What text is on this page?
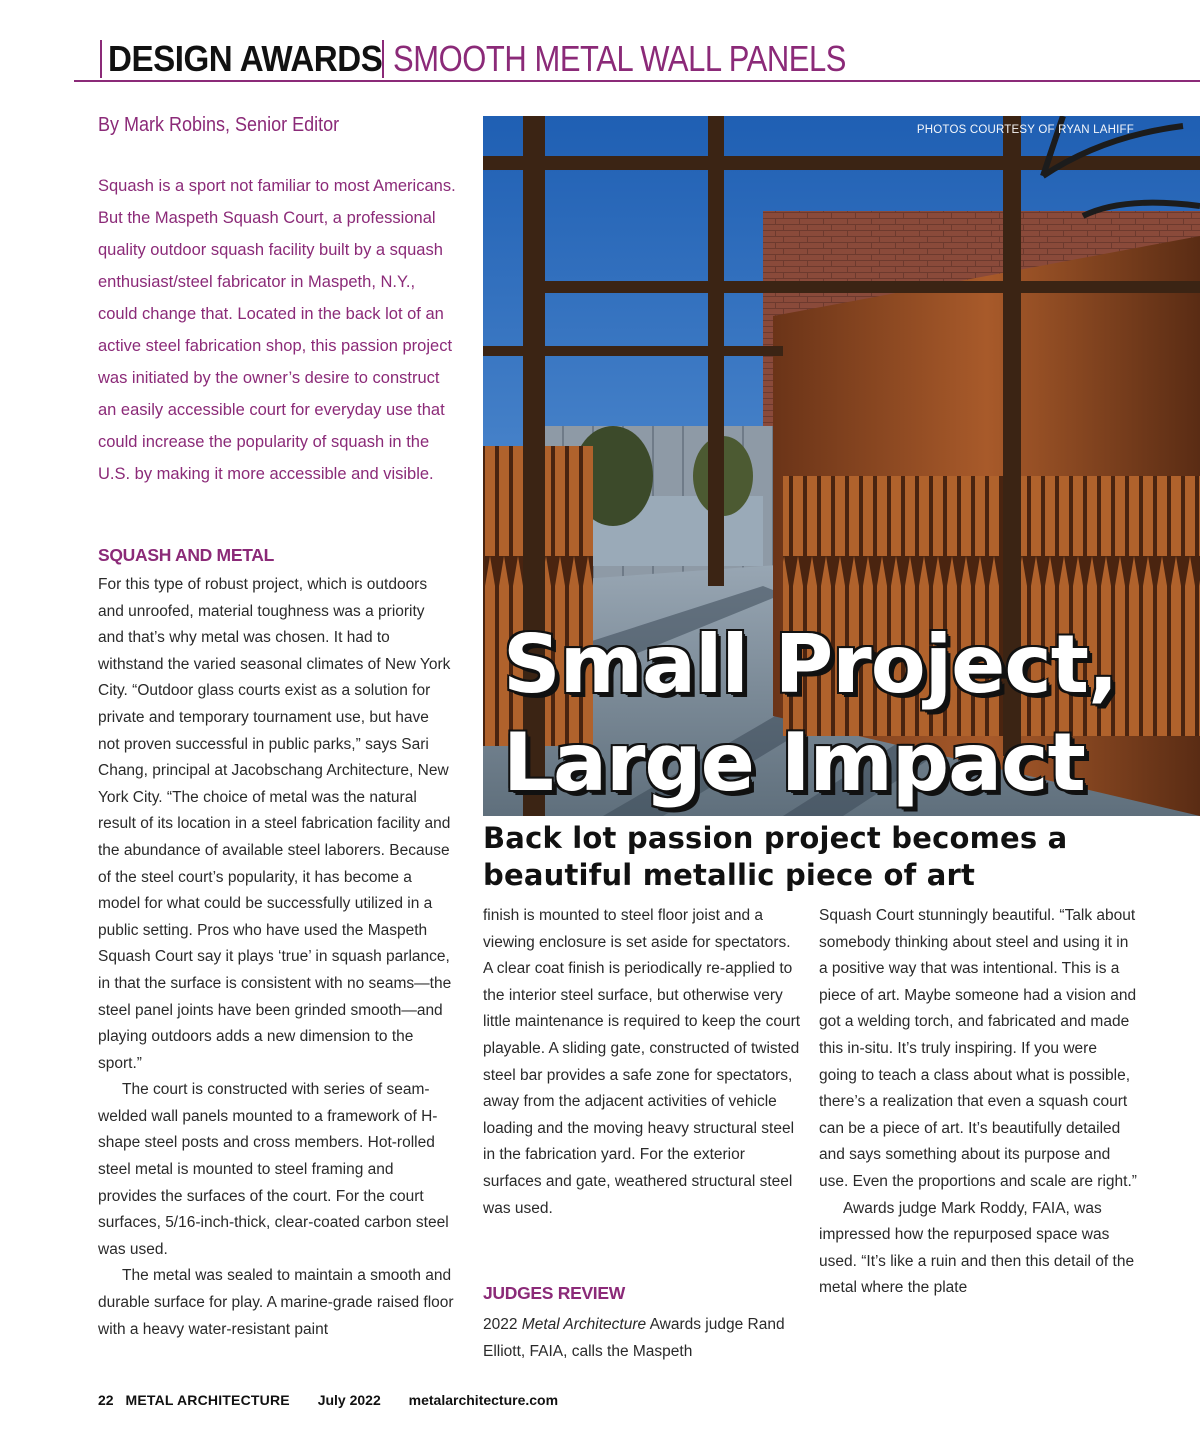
DESIGN AWARDS SMOOTH METAL WALL PANELS
By Mark Robins, Senior Editor

Squash is a sport not familiar to most Americans. But the Maspeth Squash Court, a professional quality outdoor squash facility built by a squash enthusiast/steel fabricator in Maspeth, N.Y., could change that. Located in the back lot of an active steel fabrication shop, this passion project was initiated by the owner’s desire to construct an easily accessible court for everyday use that could increase the popularity of squash in the U.S. by making it more accessible and visible.

SQUASH AND METAL

For this type of robust project, which is outdoors and unroofed, material toughness was a priority and that’s why metal was chosen. It had to withstand the varied seasonal climates of New York City. “Outdoor glass courts exist as a solution for private and temporary tournament use, but have not proven successful in public parks,” says Sari Chang, principal at Jacobschang Architecture, New York City. “The choice of metal was the natural result of its location in a steel fabrication facility and the abundance of available steel laborers. Because of the steel court’s popularity, it has become a model for what could be successfully utilized in a public setting. Pros who have used the Maspeth Squash Court say it plays ‘true’ in squash parlance, in that the surface is consistent with no seams—the steel panel joints have been grinded smooth—and playing outdoors adds a new dimension to the sport.”

The court is constructed with series of seam-welded wall panels mounted to a framework of H-shape steel posts and cross members. Hot-rolled steel metal is mounted to steel framing and provides the surfaces of the court. For the court surfaces, 5/16-inch-thick, clear-coated carbon steel was used.

The metal was sealed to maintain a smooth and durable surface for play. A marine-grade raised floor with a heavy water-resistant paint

PHOTOS COURTESY OF RYAN LAHIFF
Small Project,
Large Impact
Back lot passion project becomes a beautiful metallic piece of art

finish is mounted to steel floor joist and a viewing enclosure is set aside for spectators. A clear coat finish is periodically re-applied to the interior steel surface, but otherwise very little maintenance is required to keep the court playable. A sliding gate, constructed of twisted steel bar provides a safe zone for spectators, away from the adjacent activities of vehicle loading and the moving heavy structural steel in the fabrication yard. For the exterior surfaces and gate, weathered structural steel was used.

JUDGES REVIEW

2022 Metal Architecture Awards judge Rand Elliott, FAIA, calls the Maspeth

Squash Court stunningly beautiful. “Talk about somebody thinking about steel and using it in a positive way that was intentional. This is a piece of art. Maybe someone had a vision and got a welding torch, and fabricated and made this in-situ. It’s truly inspiring. If you were going to teach a class about what is possible, there’s a realization that even a squash court can be a piece of art. It’s beautifully detailed and says something about its purpose and use. Even the proportions and scale are right.”

Awards judge Mark Roddy, FAIA, was impressed how the repurposed space was used. “It’s like a ruin and then this detail of the metal where the plate

22 METAL ARCHITECTURE July 2022 metalarchitecture.com
